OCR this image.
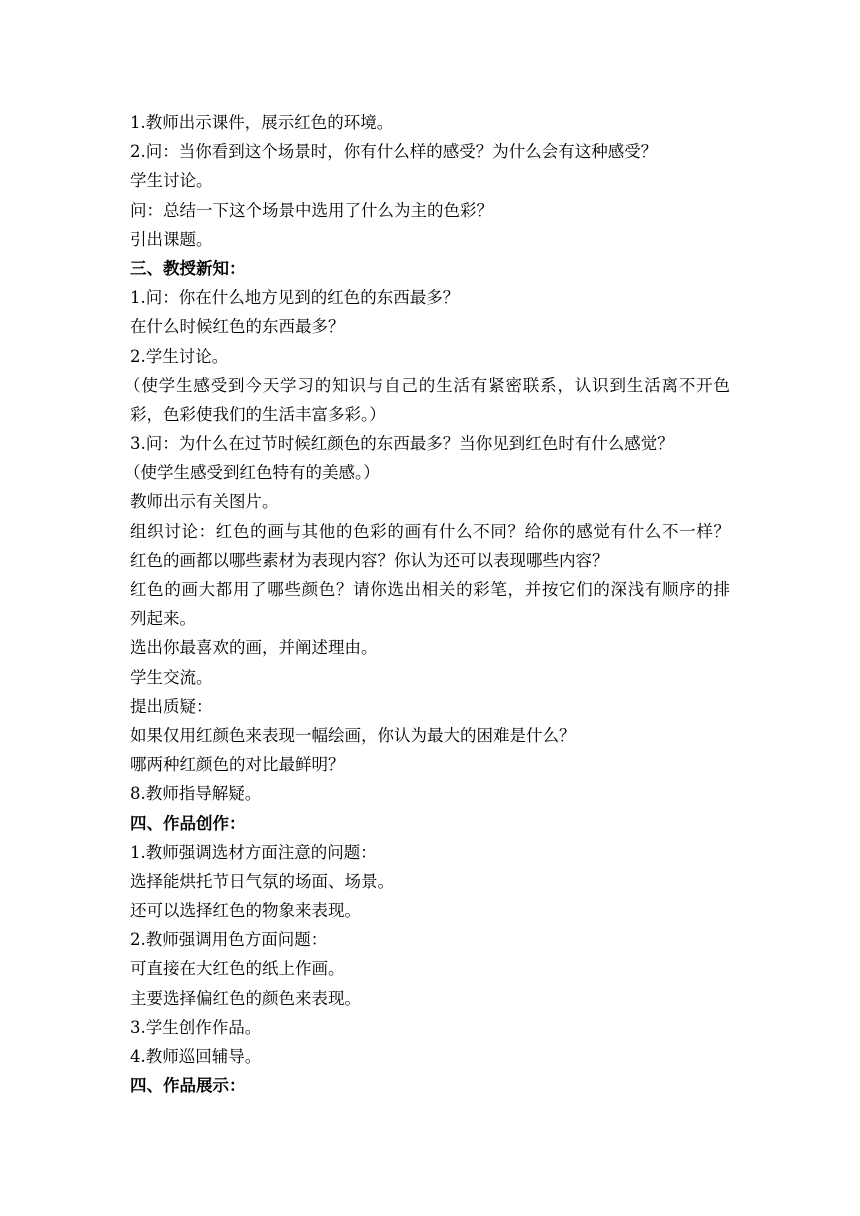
1.教师出示课件，展示红色的环境。
2.问：当你看到这个场景时，你有什么样的感受？为什么会有这种感受？
学生讨论。
问：总结一下这个场景中选用了什么为主的色彩？
引出课题。
三、教授新知：
1.问：你在什么地方见到的红色的东西最多？
在什么时候红色的东西最多？
2.学生讨论。
（使学生感受到今天学习的知识与自己的生活有紧密联系，认识到生活离不开色
彩，色彩使我们的生活丰富多彩。）
3.问：为什么在过节时候红颜色的东西最多？当你见到红色时有什么感觉？
（使学生感受到红色特有的美感。）
教师出示有关图片。
组织讨论：红色的画与其他的色彩的画有什么不同？给你的感觉有什么不一样？
红色的画都以哪些素材为表现内容？你认为还可以表现哪些内容？
红色的画大都用了哪些颜色？请你选出相关的彩笔，并按它们的深浅有顺序的排
列起来。
选出你最喜欢的画，并阐述理由。
学生交流。
提出质疑：
如果仅用红颜色来表现一幅绘画，你认为最大的困难是什么？
哪两种红颜色的对比最鲜明？
8.教师指导解疑。
四、作品创作：
1.教师强调选材方面注意的问题：
选择能烘托节日气氛的场面、场景。
还可以选择红色的物象来表现。
2.教师强调用色方面问题：
可直接在大红色的纸上作画。
主要选择偏红色的颜色来表现。
3.学生创作作品。
4.教师巡回辅导。
四、作品展示：
